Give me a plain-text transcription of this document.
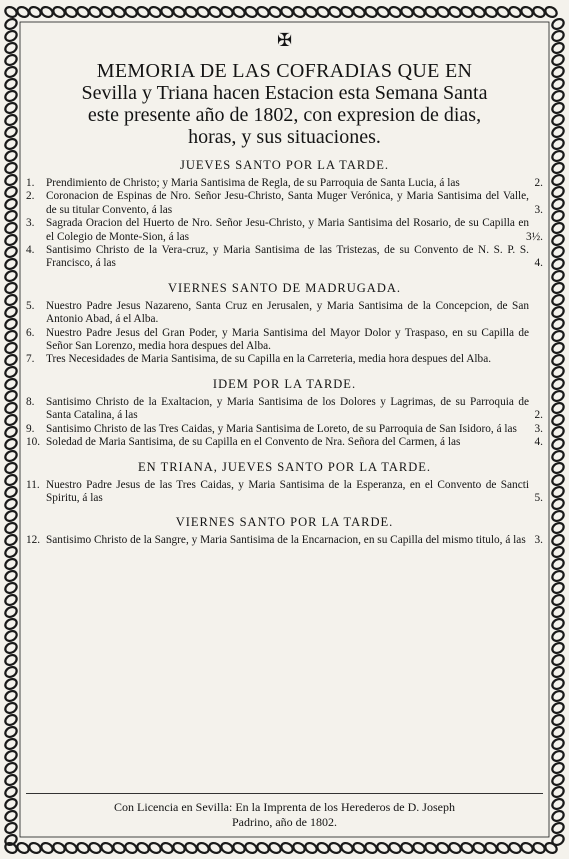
✠
MEMORIA DE LAS COFRADIAS QUE EN
Sevilla y Triana hacen Estacion esta Semana Santa
este presente año de 1802, con expresion de dias,
horas, y sus situaciones.
JUEVES SANTO POR LA TARDE.
1. Prendimiento de Christo; y Maria Santisima de Regla, de su Parroquia de Santa Lucia, á las	2.
2. Coronacion de Espinas de Nro. Señor Jesu-Christo, Santa Muger Verónica, y Maria Santisima del Valle, de su titular Convento, á las	3.
3. Sagrada Oracion del Huerto de Nro. Señor Jesu-Christo, y Maria Santisima del Rosario, de su Capilla en el Colegio de Monte-Sion, á las	3½.
4. Santisimo Christo de la Vera-cruz, y Maria Santisima de las Tristezas, de su Convento de N. S. P. S. Francisco, á las	4.
VIERNES SANTO DE MADRUGADA.
5. Nuestro Padre Jesus Nazareno, Santa Cruz en Jerusalen, y Maria Santisima de la Concepcion, de San Antonio Abad, á el Alba.
6. Nuestro Padre Jesus del Gran Poder, y Maria Santisima del Mayor Dolor y Traspaso, en su Capilla de Señor San Lorenzo, media hora despues del Alba.
7. Tres Necesidades de Maria Santisima, de su Capilla en la Carreteria, media hora despues del Alba.
IDEM POR LA TARDE.
8. Santisimo Christo de la Exaltacion, y Maria Santisima de los Dolores y Lagrimas, de su Parroquia de Santa Catalina, á las	2.
9. Santisimo Christo de las Tres Caidas, y Maria Santisima de Loreto, de su Parroquia de San Isidoro, á las 3.
10. Soledad de Maria Santisima, de su Capilla en el Convento de Nra. Señora del Carmen, á las	4.
EN TRIANA, JUEVES SANTO POR LA TARDE.
11. Nuestro Padre Jesus de las Tres Caidas, y Maria Santisima de la Esperanza, en el Convento de Sancti Spiritu, á las	5.
VIERNES SANTO POR LA TARDE.
12. Santisimo Christo de la Sangre, y Maria Santisima de la Encarnacion, en su Capilla del mismo titulo, á las 3.
Con Licencia en Sevilla: En la Imprenta de los Herederos de D. Joseph
Padrino, año de 1802.
